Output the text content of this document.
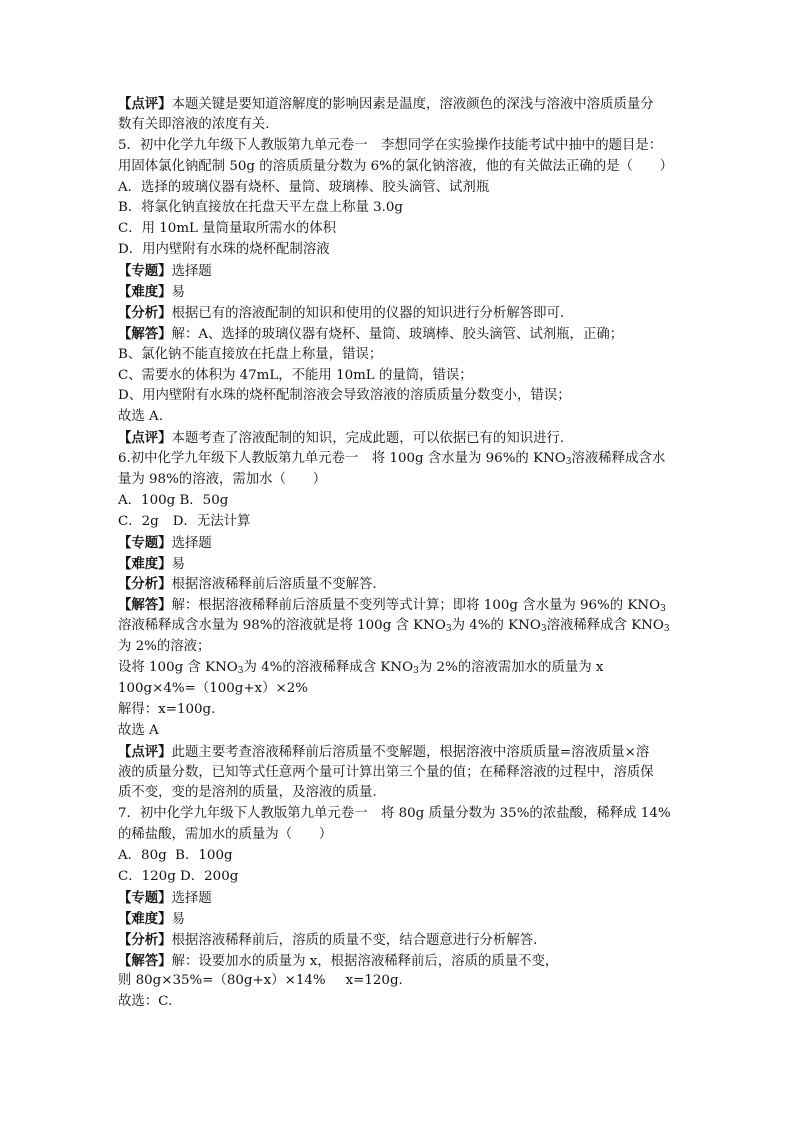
【点评】本题关键是要知道溶解度的影响因素是温度，溶液颜色的深浅与溶液中溶质质量分
数有关即溶液的浓度有关.
5．初中化学九年级下人教版第九单元卷一　李想同学在实验操作技能考试中抽中的题目是：
用固体氯化钠配制 50g 的溶质质量分数为 6%的氯化钠溶液，他的有关做法正确的是（　　）
A．选择的玻璃仪器有烧杯、量筒、玻璃棒、胶头滴管、试剂瓶
B．将氯化钠直接放在托盘天平左盘上称量 3.0g
C．用 10mL 量筒量取所需水的体积
D．用内壁附有水珠的烧杯配制溶液
【专题】选择题
【难度】易
【分析】根据已有的溶液配制的知识和使用的仪器的知识进行分析解答即可.
【解答】解：A、选择的玻璃仪器有烧杯、量筒、玻璃棒、胶头滴管、试剂瓶，正确；
B、氯化钠不能直接放在托盘上称量，错误；
C、需要水的体积为 47mL，不能用 10mL 的量筒，错误；
D、用内壁附有水珠的烧杯配制溶液会导致溶液的溶质质量分数变小，错误；
故选 A.
【点评】本题考查了溶液配制的知识，完成此题，可以依据已有的知识进行.
6.初中化学九年级下人教版第九单元卷一　将 100g 含水量为 96%的 $KNO_3$溶液稀释成含水
量为 98%的溶液，需加水（　　）
A．100g B．50g
C．2g D．无法计算
【专题】选择题
【难度】易
【分析】根据溶液稀释前后溶质量不变解答.
【解答】解：根据溶液稀释前后溶质量不变列等式计算；即将 100g 含水量为 96%的 $KNO_3$
溶液稀释成含水量为 98%的溶液就是将 100g 含 $KNO_3$为 4%的 $KNO_3$溶液稀释成含 $KNO_3$
为 2%的溶液；
设将 100g 含 $KNO_3$为 4%的溶液稀释成含 $KNO_3$为 2%的溶液需加水的质量为 x
100g×4%=（100g+x）×2%
解得：x=100g.
故选 A
【点评】此题主要考查溶液稀释前后溶质量不变解题，根据溶液中溶质质量=溶液质量×溶
液的质量分数，已知等式任意两个量可计算出第三个量的值；在稀释溶液的过程中，溶质保
质不变，变的是溶剂的质量，及溶液的质量.
7．初中化学九年级下人教版第九单元卷一　将 80g 质量分数为 35%的浓盐酸，稀释成 14%
的稀盐酸，需加水的质量为（　　）
A．80g  B．100g
C．120g D．200g
【专题】选择题
【难度】易
【分析】根据溶液稀释前后，溶质的质量不变，结合题意进行分析解答.
【解答】解：设要加水的质量为 x，根据溶液稀释前后，溶质的质量不变，
则 80g×35%=（80g+x）×14% x=120g.
故选：C.
